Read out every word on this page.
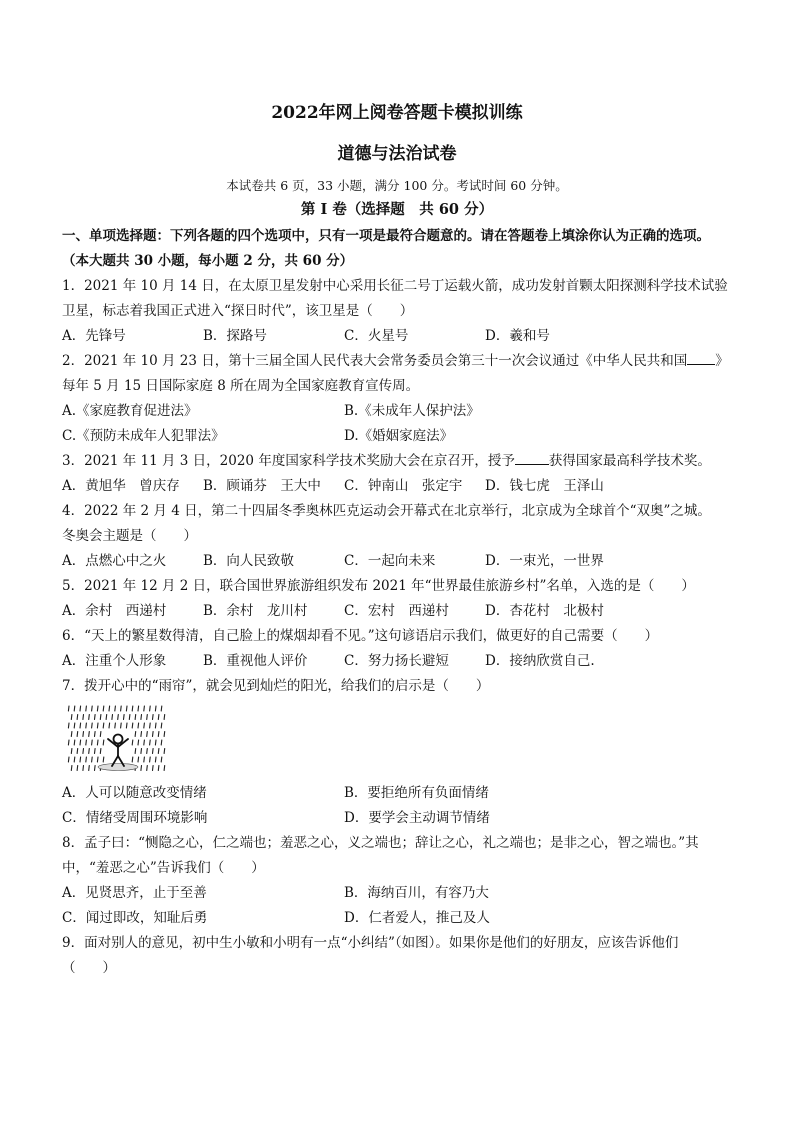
2022年网上阅卷答题卡模拟训练
道德与法治试卷
本试卷共 6 页，33 小题，满分 100 分。考试时间 60 分钟。
第 I 卷（选择题　共 60 分）
一、单项选择题：下列各题的四个选项中，只有一项是最符合题意的。请在答题卷上填涂你认为正确的选项。
（本大题共 30 小题，每小题 2 分，共 60 分）
1．2021 年 10 月 14 日，在太原卫星发射中心采用长征二号丁运载火箭，成功发射首颗太阳探测科学技术试验
卫星，标志着我国正式进入“探日时代”，该卫星是（　　）
A．先锋号	B．探路号	C．火星号	D．羲和号
2．2021 年 10 月 23 日，第十三届全国人民代表大会常务委员会第三十一次会议通过《中华人民共和国 》
每年 5 月 15 日国际家庭 8 所在周为全国家庭教育宣传周。
A.《家庭教育促进法》	B.《未成年人保护法》
C.《预防未成年人犯罪法》	D.《婚姻家庭法》
3．2021 年 11 月 3 日，2020 年度国家科学技术奖励大会在京召开，授予	获得国家最高科学技术奖。
A．黄旭华　曾庆存	B．顾诵芬　王大中	C．钟南山　张定宇	D．钱七虎　王泽山
4．2022 年 2 月 4 日，第二十四届冬季奥林匹克运动会开幕式在北京举行，北京成为全球首个“双奥”之城。
冬奥会主题是（　　）
A．点燃心中之火	B．向人民致敬	C．一起向未来	D．一束光，一世界
5．2021 年 12 月 2 日，联合国世界旅游组织发布 2021 年“世界最佳旅游乡村”名单，入选的是（　　）
A．余村　西递村	B．余村　龙川村	C．宏村　西递村	D．杏花村　北极村
6．“天上的繁星数得清，自己脸上的煤烟却看不见。”这句谚语启示我们，做更好的自己需要（　　）
A．注重个人形象	B．重视他人评价	C．努力扬长避短	D．接纳欣赏自己.
7．拨开心中的“雨帘”，就会见到灿烂的阳光，给我们的启示是（　　）
A．人可以随意改变情绪	B．要拒绝所有负面情绪
C．情绪受周围环境影响	D．要学会主动调节情绪
8．孟子曰：“恻隐之心，仁之端也；羞恶之心，义之端也；辞让之心，礼之端也；是非之心，智之端也。”其
中，“羞恶之心”告诉我们（　　）
A．见贤思齐，止于至善	B．海纳百川，有容乃大
C．闻过即改，知耻后勇	D．仁者爱人，推己及人
9．面对别人的意见，初中生小敏和小明有一点“小纠结”（如图）。如果你是他们的好朋友，应该告诉他们
（　　）
